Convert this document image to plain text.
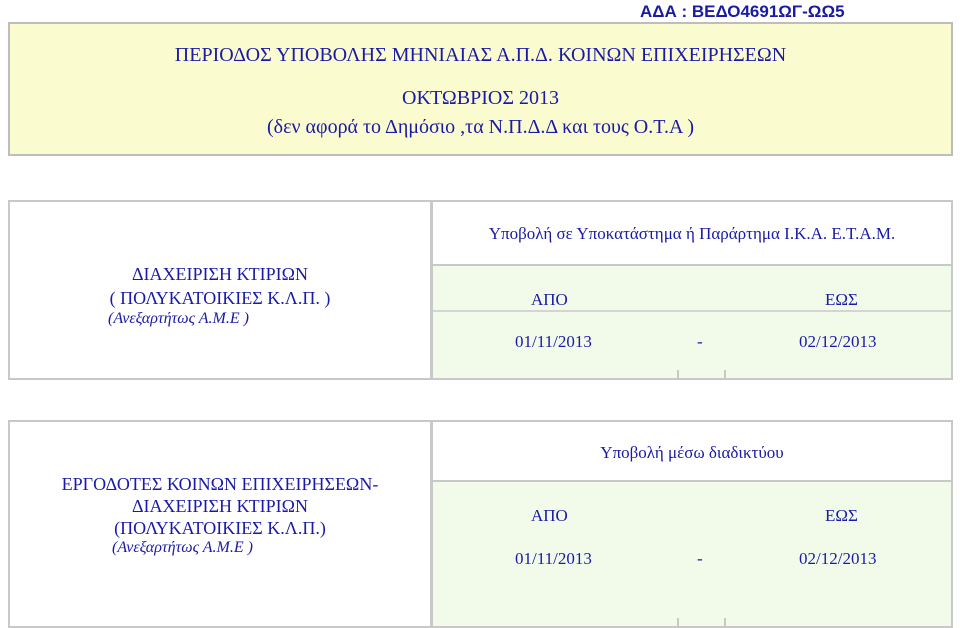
ΑΔΑ : ΒΕΔΟ4691ΩΓ-ΩΩ5
ΠΕΡΙΟΔΟΣ ΥΠΟΒΟΛΗΣ ΜΗΝΙΑΙΑΣ Α.Π.Δ. ΚΟΙΝΩΝ ΕΠΙΧΕΙΡΗΣΕΩΝ
ΟΚΤΩΒΡΙΟΣ 2013
(δεν αφορά το Δημόσιο ,τα Ν.Π.Δ.Δ και τους Ο.Τ.Α )
ΔΙΑΧΕΙΡΙΣΗ ΚΤΙΡΙΩΝ
( ΠΟΛΥΚΑΤΟΙΚΙΕΣ Κ.Λ.Π. )
(Ανεξαρτήτως Α.Μ.Ε )
Υποβολή σε Υποκατάστημα ή Παράρτημα Ι.Κ.Α. Ε.Τ.Α.Μ.
ΑΠΟ	ΕΩΣ
01/11/2013	-	02/12/2013
ΕΡΓΟΔΟΤΕΣ ΚΟΙΝΩΝ ΕΠΙΧΕΙΡΗΣΕΩΝ-
ΔΙΑΧΕΙΡΙΣΗ ΚΤΙΡΙΩΝ
(ΠΟΛΥΚΑΤΟΙΚΙΕΣ Κ.Λ.Π.)
(Ανεξαρτήτως Α.Μ.Ε )
Υποβολή μέσω διαδικτύου
ΑΠΟ	ΕΩΣ
01/11/2013	-	02/12/2013
